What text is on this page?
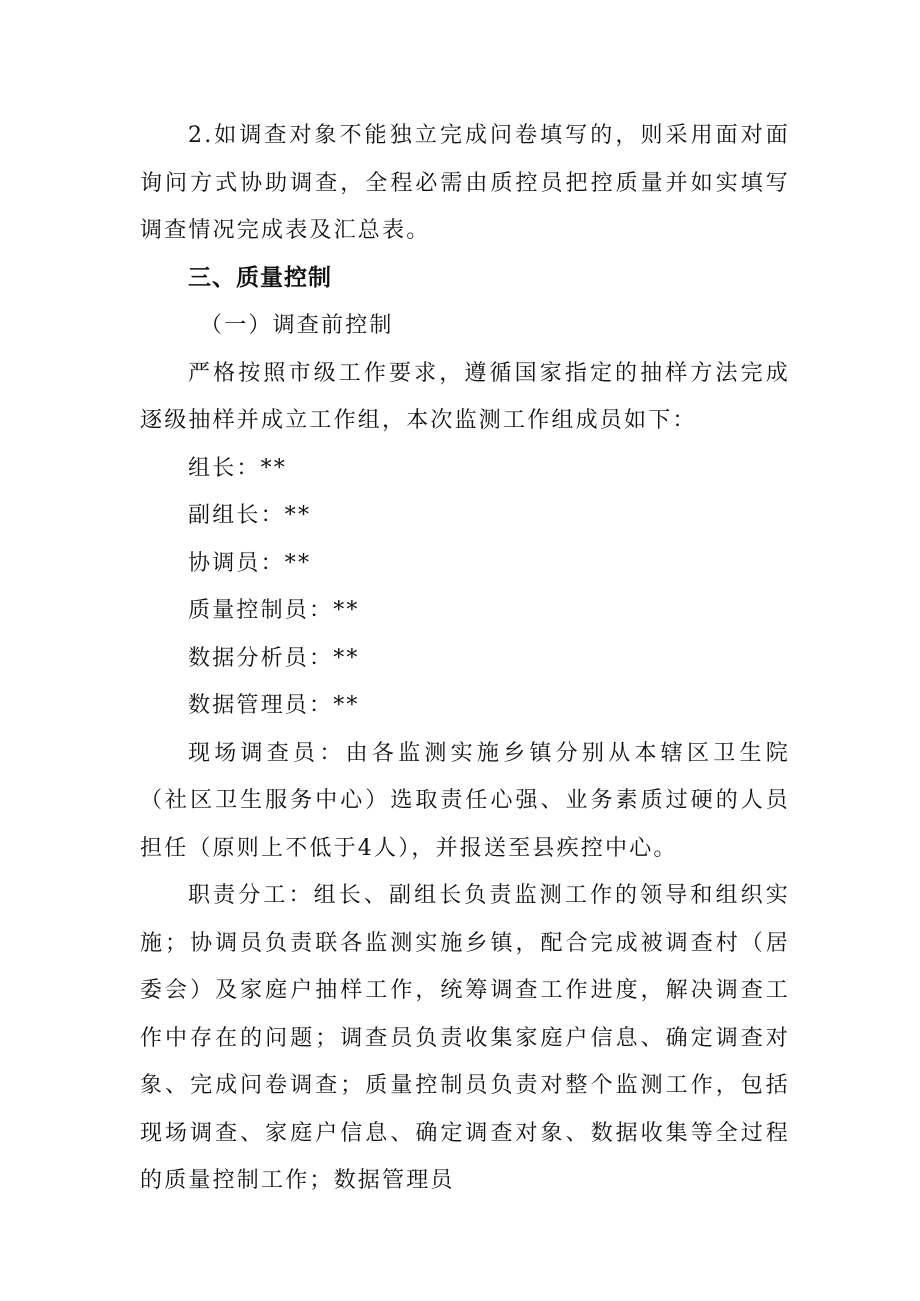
2.如调查对象不能独立完成问卷填写的，则采用面对面询问方式协助调查，全程必需由质控员把控质量并如实填写调查情况完成表及汇总表。

三、质量控制

（一）调查前控制

严格按照市级工作要求，遵循国家指定的抽样方法完成逐级抽样并成立工作组，本次监测工作组成员如下：

组长：**

副组长：**

协调员：**

质量控制员：**

数据分析员：**

数据管理员：**

现场调查员：由各监测实施乡镇分别从本辖区卫生院（社区卫生服务中心）选取责任心强、业务素质过硬的人员担任（原则上不低于4人），并报送至县疾控中心。

职责分工：组长、副组长负责监测工作的领导和组织实施；协调员负责联各监测实施乡镇，配合完成被调查村（居委会）及家庭户抽样工作，统筹调查工作进度，解决调查工作中存在的问题；调查员负责收集家庭户信息、确定调查对象、完成问卷调查；质量控制员负责对整个监测工作，包括现场调查、家庭户信息、确定调查对象、数据收集等全过程的质量控制工作；数据管理员
